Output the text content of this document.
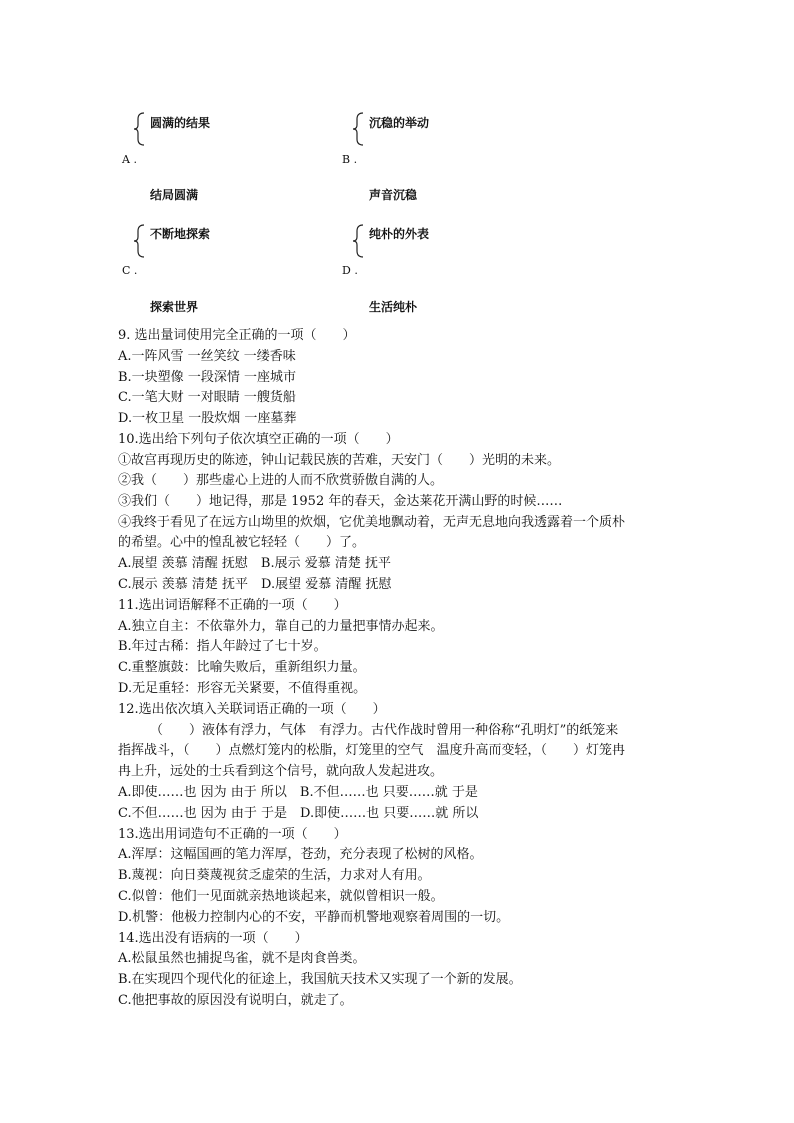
圆满的结果
A .
结局圆满
沉稳的举动
B .
声音沉稳
不断地探索
C .
探索世界
纯朴的外表
D .
生活纯朴
9. 选出量词使用完全正确的一项（　　）
A.一阵风雪 一丝笑纹 一缕香味
B.一块塑像 一段深情 一座城市
C.一笔大财 一对眼睛 一艘货船
D.一枚卫星 一股炊烟 一座墓葬
10.选出给下列句子依次填空正确的一项（　　）
①故宫再现历史的陈迹，钟山记载民族的苦难，天安门（　　）光明的未来。
②我（　　）那些虚心上进的人而不欣赏骄傲自满的人。
③我们（　　）地记得，那是 1952 年的春天，金达莱花开满山野的时候……
④我终于看见了在远方山坳里的炊烟，它优美地飘动着，无声无息地向我透露着一个质朴
的希望。心中的惶乱被它轻轻（　　）了。
A.展望 羡慕 清醒 抚慰　B.展示 爱慕 清楚 抚平
C.展示 羡慕 清楚 抚平　D.展望 爱慕 清醒 抚慰
11.选出词语解释不正确的一项（　　）
A.独立自主：不依靠外力，靠自己的力量把事情办起来。
B.年过古稀：指人年龄过了七十岁。
C.重整旗鼓：比喻失败后，重新组织力量。
D.无足重轻：形容无关紧要，不值得重视。
12.选出依次填入关联词语正确的一项（　　）
（　　）液体有浮力，气体　有浮力。古代作战时曾用一种俗称“孔明灯”的纸笼来
指挥战斗，（　　）点燃灯笼内的松脂，灯笼里的空气　温度升高而变轻，（　　）灯笼冉
冉上升，远处的士兵看到这个信号，就向敌人发起进攻。
A.即使……也 因为 由于 所以　B.不但……也 只要……就 于是
C.不但……也 因为 由于 于是　D.即使……也 只要……就 所以
13.选出用词造句不正确的一项（　　）
A.浑厚：这幅国画的笔力浑厚，苍劲，充分表现了松树的风格。
B.蔑视：向日葵蔑视贫乏虚荣的生活，力求对人有用。
C.似曾：他们一见面就亲热地谈起来，就似曾相识一般。
D.机警：他极力控制内心的不安，平静而机警地观察着周围的一切。
14.选出没有语病的一项（　　）
A.松鼠虽然也捕捉鸟雀，就不是肉食兽类。
B.在实现四个现代化的征途上，我国航天技术又实现了一个新的发展。
C.他把事故的原因没有说明白，就走了。
